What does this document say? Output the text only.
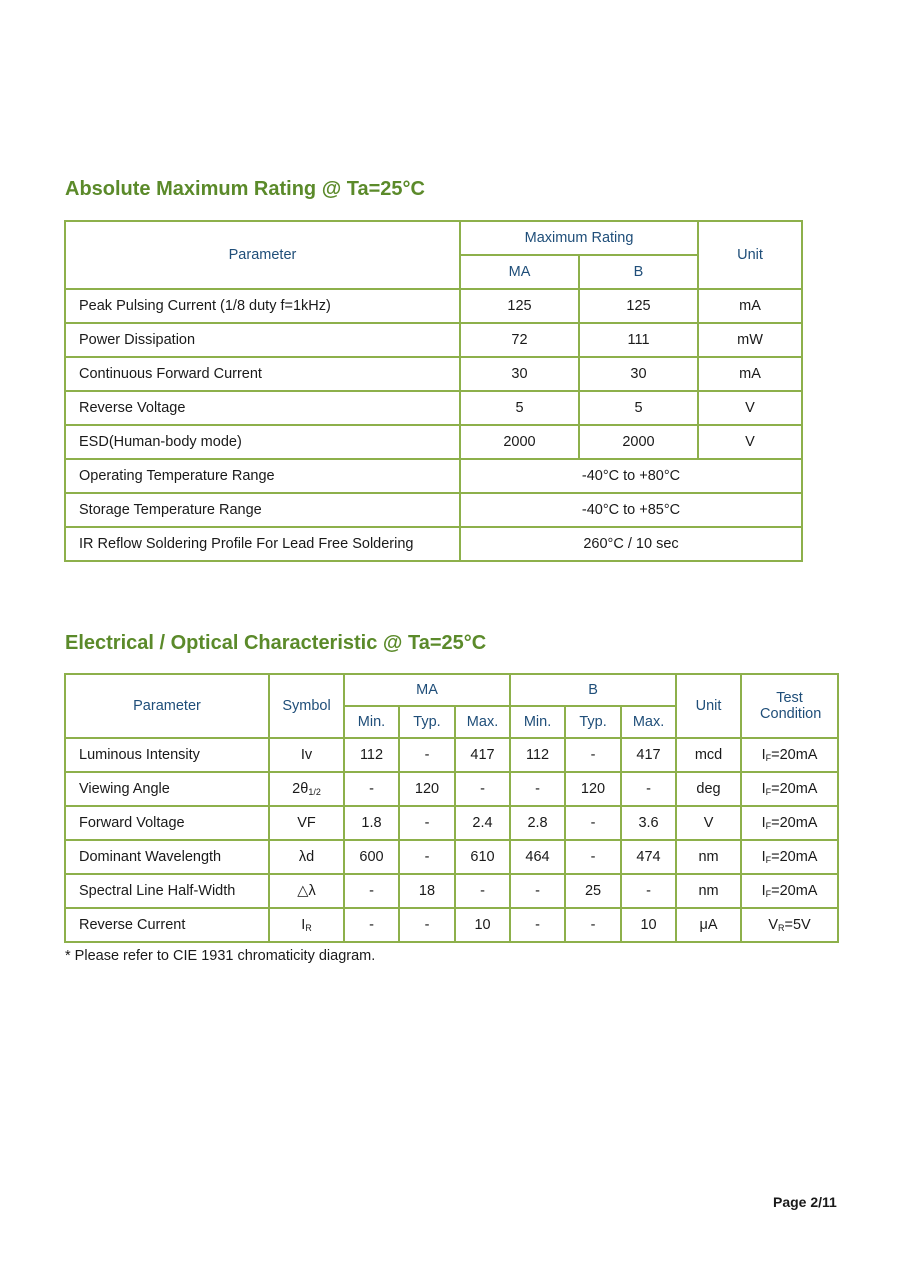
Absolute Maximum Rating @ Ta=25°C
Parameter	Maximum Rating		Unit
	MA	B	
Peak Pulsing Current (1/8 duty f=1kHz)	125	125	mA
Power Dissipation	72	111	mW
Continuous Forward Current	30	30	mA
Reverse Voltage	5	5	V
ESD(Human-body mode)	2000	2000	V
Operating Temperature Range	-40°C to +80°C		
Storage Temperature Range	-40°C to +85°C		
IR Reflow Soldering Profile For Lead Free Soldering	260°C / 10 sec		
Electrical / Optical Characteristic @ Ta=25°C
Parameter	Symbol	MA			B			Unit	Test Condition
		Min.	Typ.	Max.	Min.	Typ.	Max.		
Luminous Intensity	Iv	112	-	417	112	-	417	mcd	$I_F=20mA$
Viewing Angle	$2\theta_{1/2}$	-	120	-	-	120	-	deg	$I_F=20mA$
Forward Voltage	VF	1.8	-	2.4	2.8	-	3.6	V	$I_F=20mA$
Dominant Wavelength	λd	600	-	610	464	-	474	nm	$I_F=20mA$
Spectral Line Half-Width	△λ	-	18	-	-	25	-	nm	$I_F=20mA$
Reverse Current	$I_R$	-	-	10	-	-	10	μA	$V_R=5V$
* Please refer to CIE 1931 chromaticity diagram.
Page 2/11
